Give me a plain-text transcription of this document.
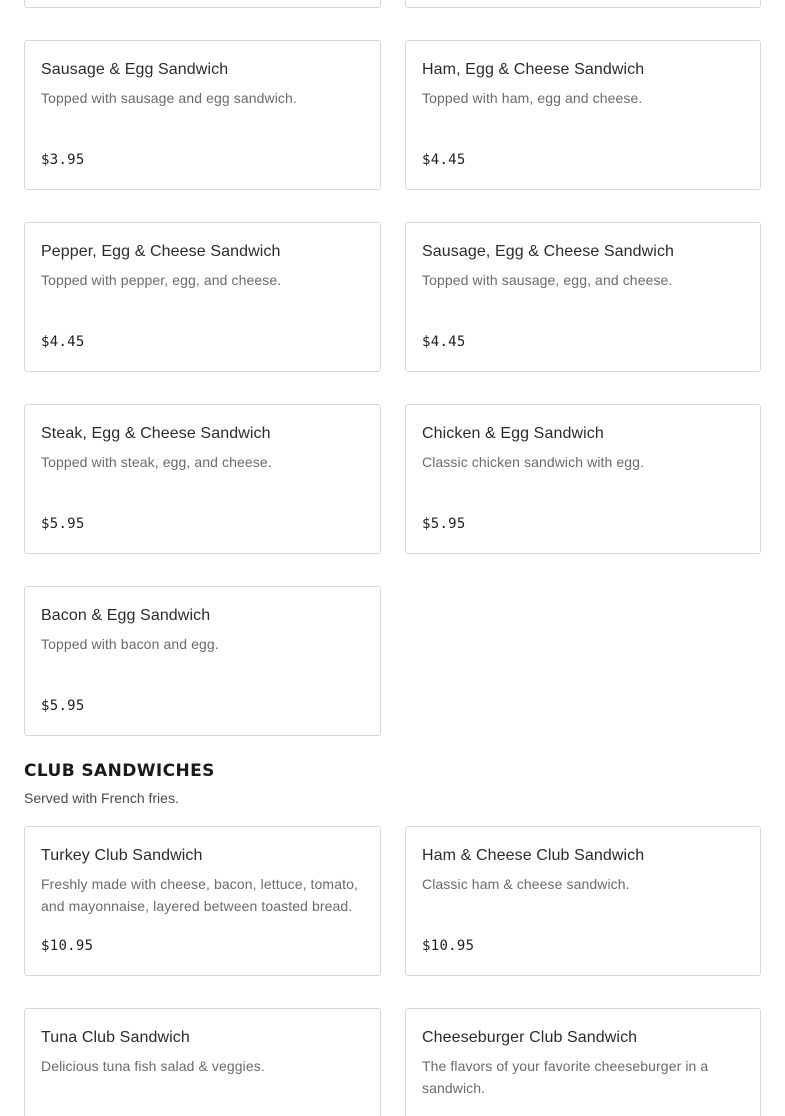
Sausage & Egg Sandwich
Topped with sausage and egg sandwich.
$3.95
Ham, Egg & Cheese Sandwich
Topped with ham, egg and cheese.
$4.45
Pepper, Egg & Cheese Sandwich
Topped with pepper, egg, and cheese.
$4.45
Sausage, Egg & Cheese Sandwich
Topped with sausage, egg, and cheese.
$4.45
Steak, Egg & Cheese Sandwich
Topped with steak, egg, and cheese.
$5.95
Chicken & Egg Sandwich
Classic chicken sandwich with egg.
$5.95
Bacon & Egg Sandwich
Topped with bacon and egg.
$5.95
CLUB SANDWICHES
Served with French fries.
Turkey Club Sandwich
Freshly made with cheese, bacon, lettuce, tomato, and mayonnaise, layered between toasted bread.
$10.95
Ham & Cheese Club Sandwich
Classic ham & cheese sandwich.
$10.95
Tuna Club Sandwich
Delicious tuna fish salad & veggies.
Cheeseburger Club Sandwich
The flavors of your favorite cheeseburger in a sandwich.
